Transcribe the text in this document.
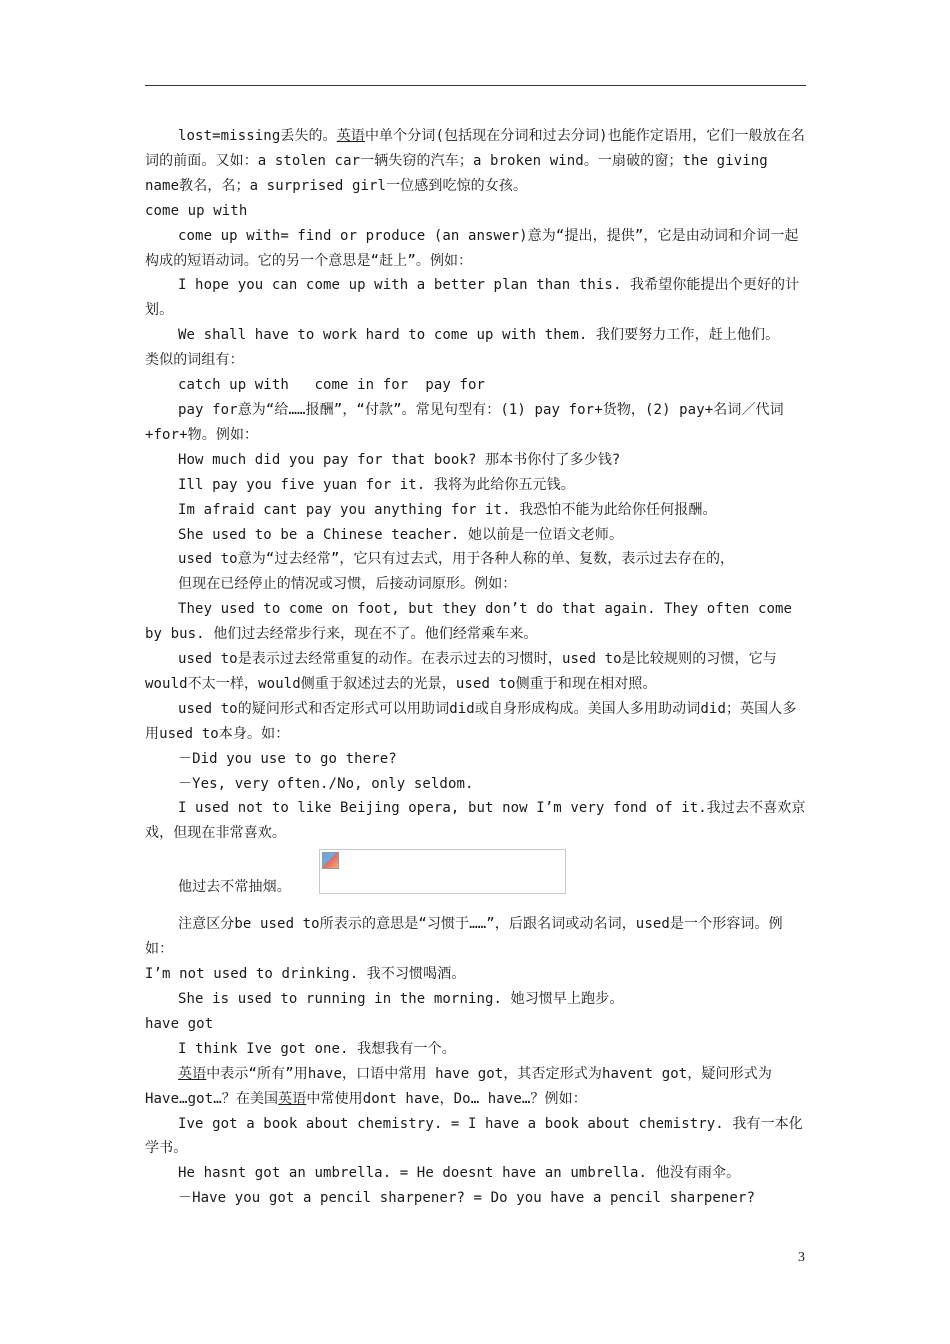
lost=missing丢失的。英语中单个分词(包括现在分词和过去分词)也能作定语用，它们一般放在名词的前面。又如：a stolen car一辆失窃的汽车；a broken wind。一扇破的窗；the giving name教名，名；a surprised girl一位感到吃惊的女孩。

come up with

come up with= find or produce (an answer)意为“提出，提供”，它是由动词和介词一起构成的短语动词。它的另一个意思是“赶上”。例如：

I hope you can come up with a better plan than this. 我希望你能提出个更好的计划。

We shall have to work hard to come up with them. 我们要努力工作，赶上他们。

类似的词组有：

catch up with   come in for  pay for

pay for意为“给……报酬”，“付款”。常见句型有：(1) pay for+货物，(2) pay+名词／代词+for+物。例如：

How much did you pay for that book? 那本书你付了多少钱?

Ill pay you five yuan for it. 我将为此给你五元钱。

Im afraid cant pay you anything for it. 我恐怕不能为此给你任何报酬。

She used to be a Chinese teacher. 她以前是一位语文老师。

used to意为“过去经常”，它只有过去式，用于各种人称的单、复数，表示过去存在的，

但现在已经停止的情况或习惯，后接动词原形。例如：

They used to come on foot, but they don’t do that again. They often come by bus. 他们过去经常步行来，现在不了。他们经常乘车来。

used to是表示过去经常重复的动作。在表示过去的习惯时，used to是比较规则的习惯，它与would不太一样，would侧重于叙述过去的光景，used to侧重于和现在相对照。

used to的疑问形式和否定形式可以用助词did或自身形成构成。美国人多用助动词did；英国人多用used to本身。如：

－Did you use to go there?

－Yes, very often./No, only seldom.

I used not to like Beijing opera, but now I’m very fond of it.我过去不喜欢京戏，但现在非常喜欢。

他过去不常抽烟。

注意区分be used to所表示的意思是“习惯于……”，后跟名词或动名词，used是一个形容词。例如：

I’m not used to drinking. 我不习惯喝酒。

She is used to running in the morning. 她习惯早上跑步。

have got

I think Ive got one. 我想我有一个。

英语中表示“所有”用have，口语中常用 have got，其否定形式为havent got，疑问形式为Have…got…？在美国英语中常使用dont have，Do… have…？例如：

Ive got a book about chemistry. = I have a book about chemistry. 我有一本化学书。

He hasnt got an umbrella. = He doesnt have an umbrella. 他没有雨伞。

－Have you got a pencil sharpener? = Do you have a pencil sharpener?

3
